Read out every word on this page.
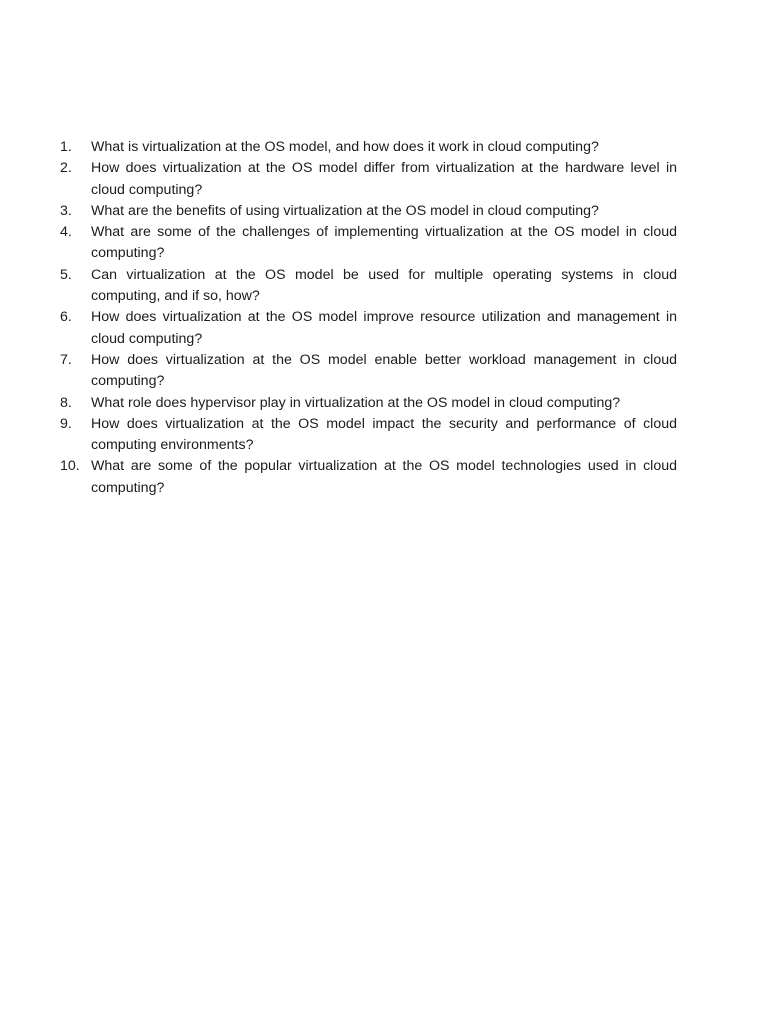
1.	What is virtualization at the OS model, and how does it work in cloud computing?
2.	How does virtualization at the OS model differ from virtualization at the hardware level in cloud computing?
3.	What are the benefits of using virtualization at the OS model in cloud computing?
4.	What are some of the challenges of implementing virtualization at the OS model in cloud computing?
5.	Can virtualization at the OS model be used for multiple operating systems in cloud computing, and if so, how?
6.	How does virtualization at the OS model improve resource utilization and management in cloud computing?
7.	How does virtualization at the OS model enable better workload management in cloud computing?
8.	What role does hypervisor play in virtualization at the OS model in cloud computing?
9.	How does virtualization at the OS model impact the security and performance of cloud computing environments?
10. What are some of the popular virtualization at the OS model technologies used in cloud computing?
